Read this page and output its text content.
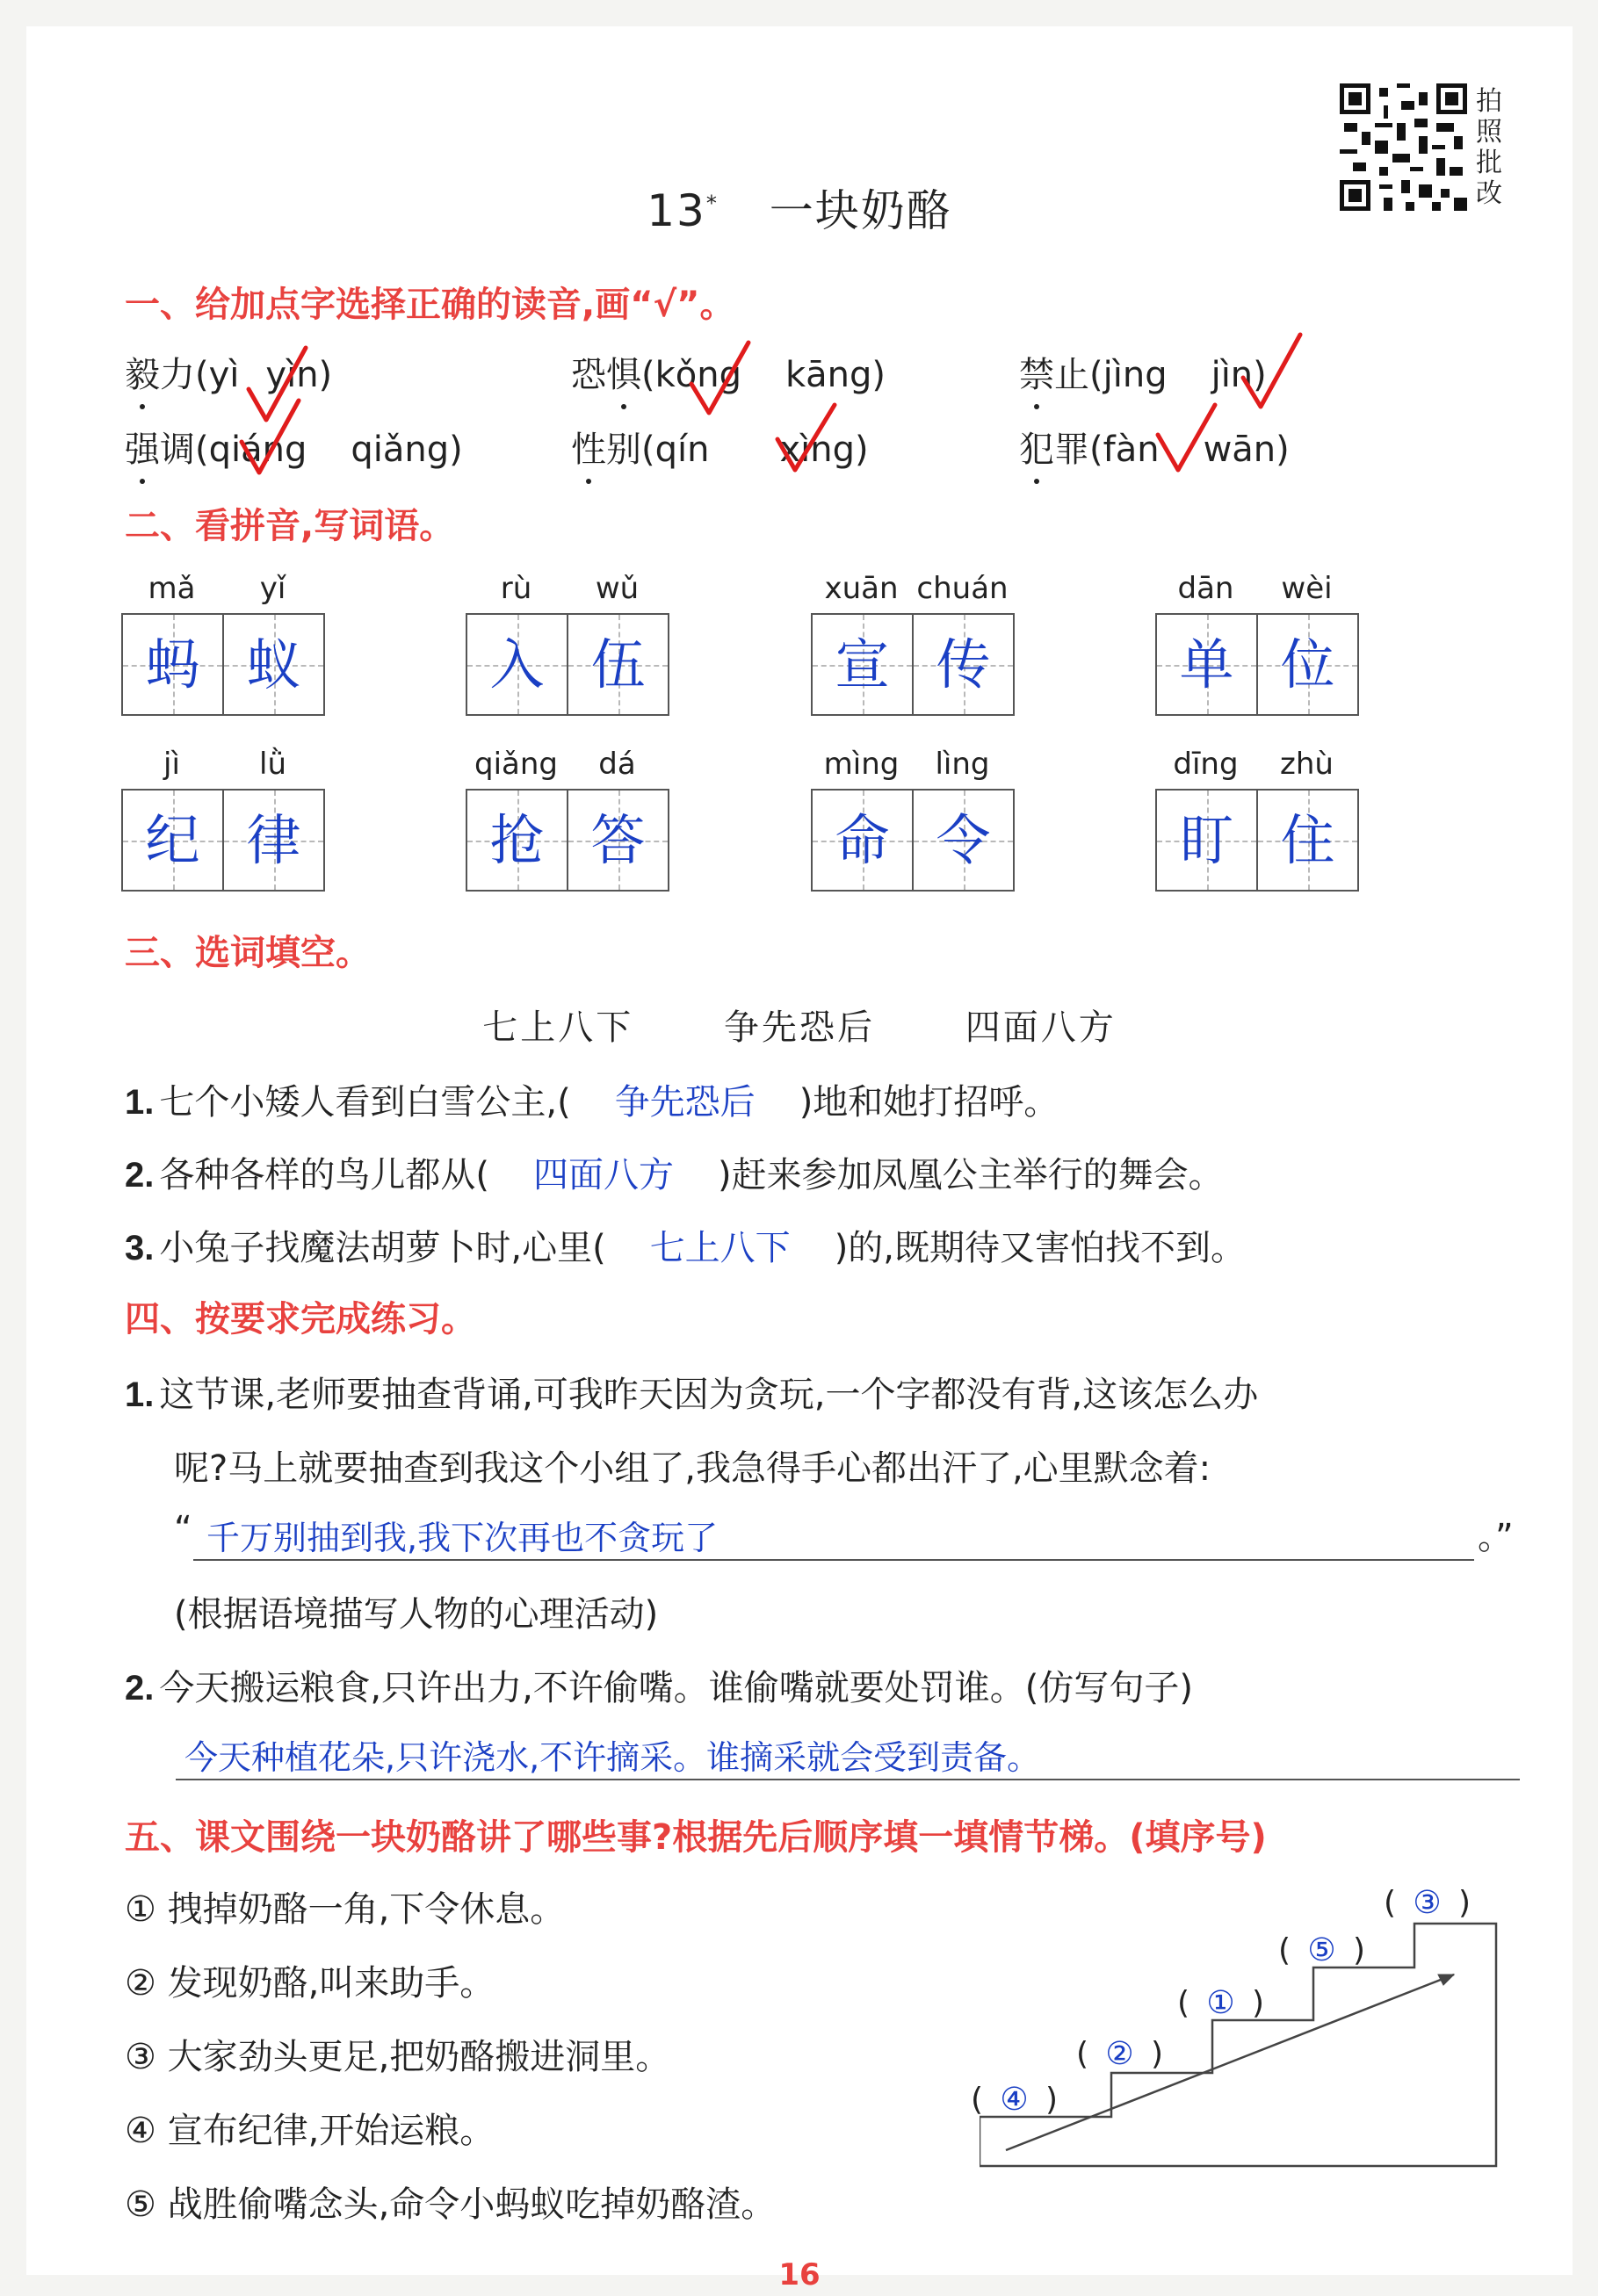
13* 一块奶酪
拍
照
批
改
一、给加点字选择正确的读音,画“√”。
毅力(yì yìn)	恐惧(kǒng kāng)	禁止(jìng jìn)
强调(qiáng qiǎng)	性别(qín xìng)	犯罪(fàn wān)
二、看拼音,写词语。
mǎ	yǐ
蚂 蚁
rù	wǔ
入 伍
xuān chuán
宣 传
dān	wèi
单 位
jì	lǜ
纪 律
qiǎng	dá
抢 答
mìng	lìng
命 令
dīng	zhù
盯 住
三、选词填空。
七上八下	争先恐后	四面八方
1. 七个小矮人看到白雪公主,( 争先恐后 )地和她打招呼。
2. 各种各样的鸟儿都从( 四面八方 )赶来参加凤凰公主举行的舞会。
3. 小兔子找魔法胡萝卜时,心里( 七上八下 )的,既期待又害怕找不到。
四、按要求完成练习。
1. 这节课,老师要抽查背诵,可我昨天因为贪玩,一个字都没有背,这该怎么办
呢?马上就要抽查到我这个小组了,我急得手心都出汗了,心里默念着:
“ 千万别抽到我,我下次再也不贪玩了	。”
(根据语境描写人物的心理活动)
2. 今天搬运粮食,只许出力,不许偷嘴。谁偷嘴就要处罚谁。(仿写句子)
今天种植花朵,只许浇水,不许摘采。谁摘采就会受到责备。
五、课文围绕一块奶酪讲了哪些事?根据先后顺序填一填情节梯。(填序号)
① 拽掉奶酪一角,下令休息。
② 发现奶酪,叫来助手。
③ 大家劲头更足,把奶酪搬进洞里。
④ 宣布纪律,开始运粮。
⑤ 战胜偷嘴念头,命令小蚂蚁吃掉奶酪渣。
( ④ )
( ② )
( ① )
( ⑤ )
( ③ )
16
